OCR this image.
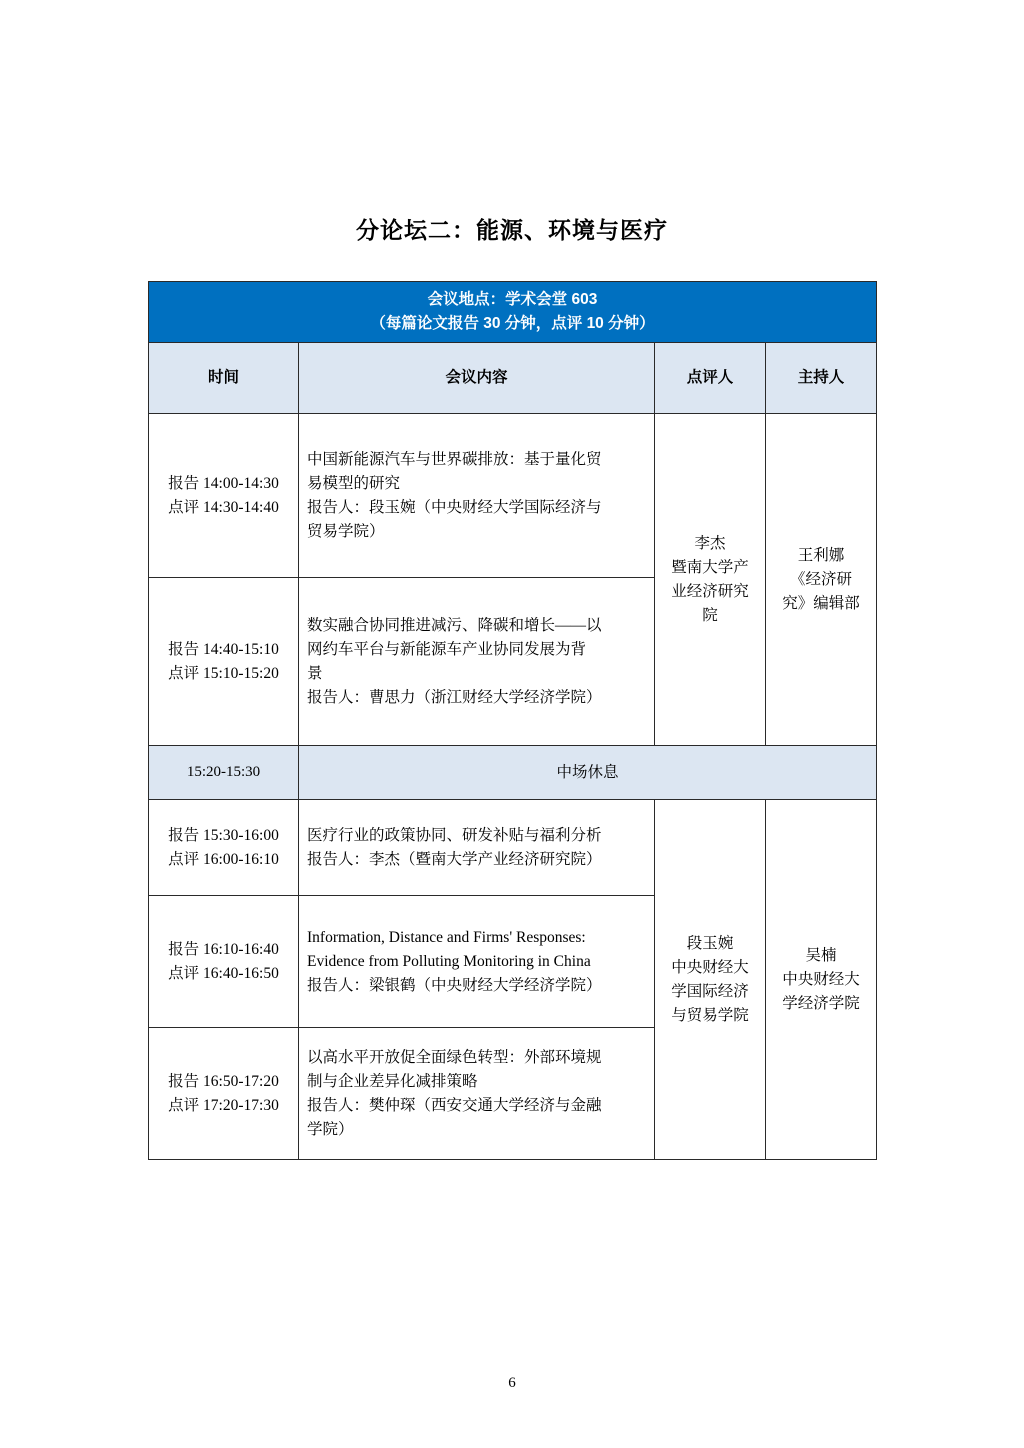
分论坛二：能源、环境与医疗
会议地点：学术会堂 603
（每篇论文报告 30 分钟，点评 10 分钟）			

时间	会议内容	点评人	主持人

报告 14:00-14:30
点评 14:30-14:40	中国新能源汽车与世界碳排放：基于量化贸
易模型的研究
报告人：段玉婉（中央财经大学国际经济与
贸易学院）	李杰
暨南大学产
业经济研究
院	王利娜
《经济研
究》编辑部

报告 14:40-15:10
点评 15:10-15:20	数实融合协同推进减污、降碳和增长——以
网约车平台与新能源车产业协同发展为背
景
报告人：曹思力（浙江财经大学经济学院）		

15:20-15:30	中场休息		

报告 15:30-16:00
点评 16:00-16:10	医疗行业的政策协同、研发补贴与福利分析
报告人：李杰（暨南大学产业经济研究院）	段玉婉
中央财经大
学国际经济
与贸易学院	吴楠
中央财经大
学经济学院

报告 16:10-16:40
点评 16:40-16:50	Information, Distance and Firms' Responses:
Evidence from Polluting Monitoring in China
报告人：梁银鹤（中央财经大学经济学院）		

报告 16:50-17:20
点评 17:20-17:30	以高水平开放促全面绿色转型：外部环境规
制与企业差异化减排策略
报告人：樊仲琛（西安交通大学经济与金融
学院）		
6
